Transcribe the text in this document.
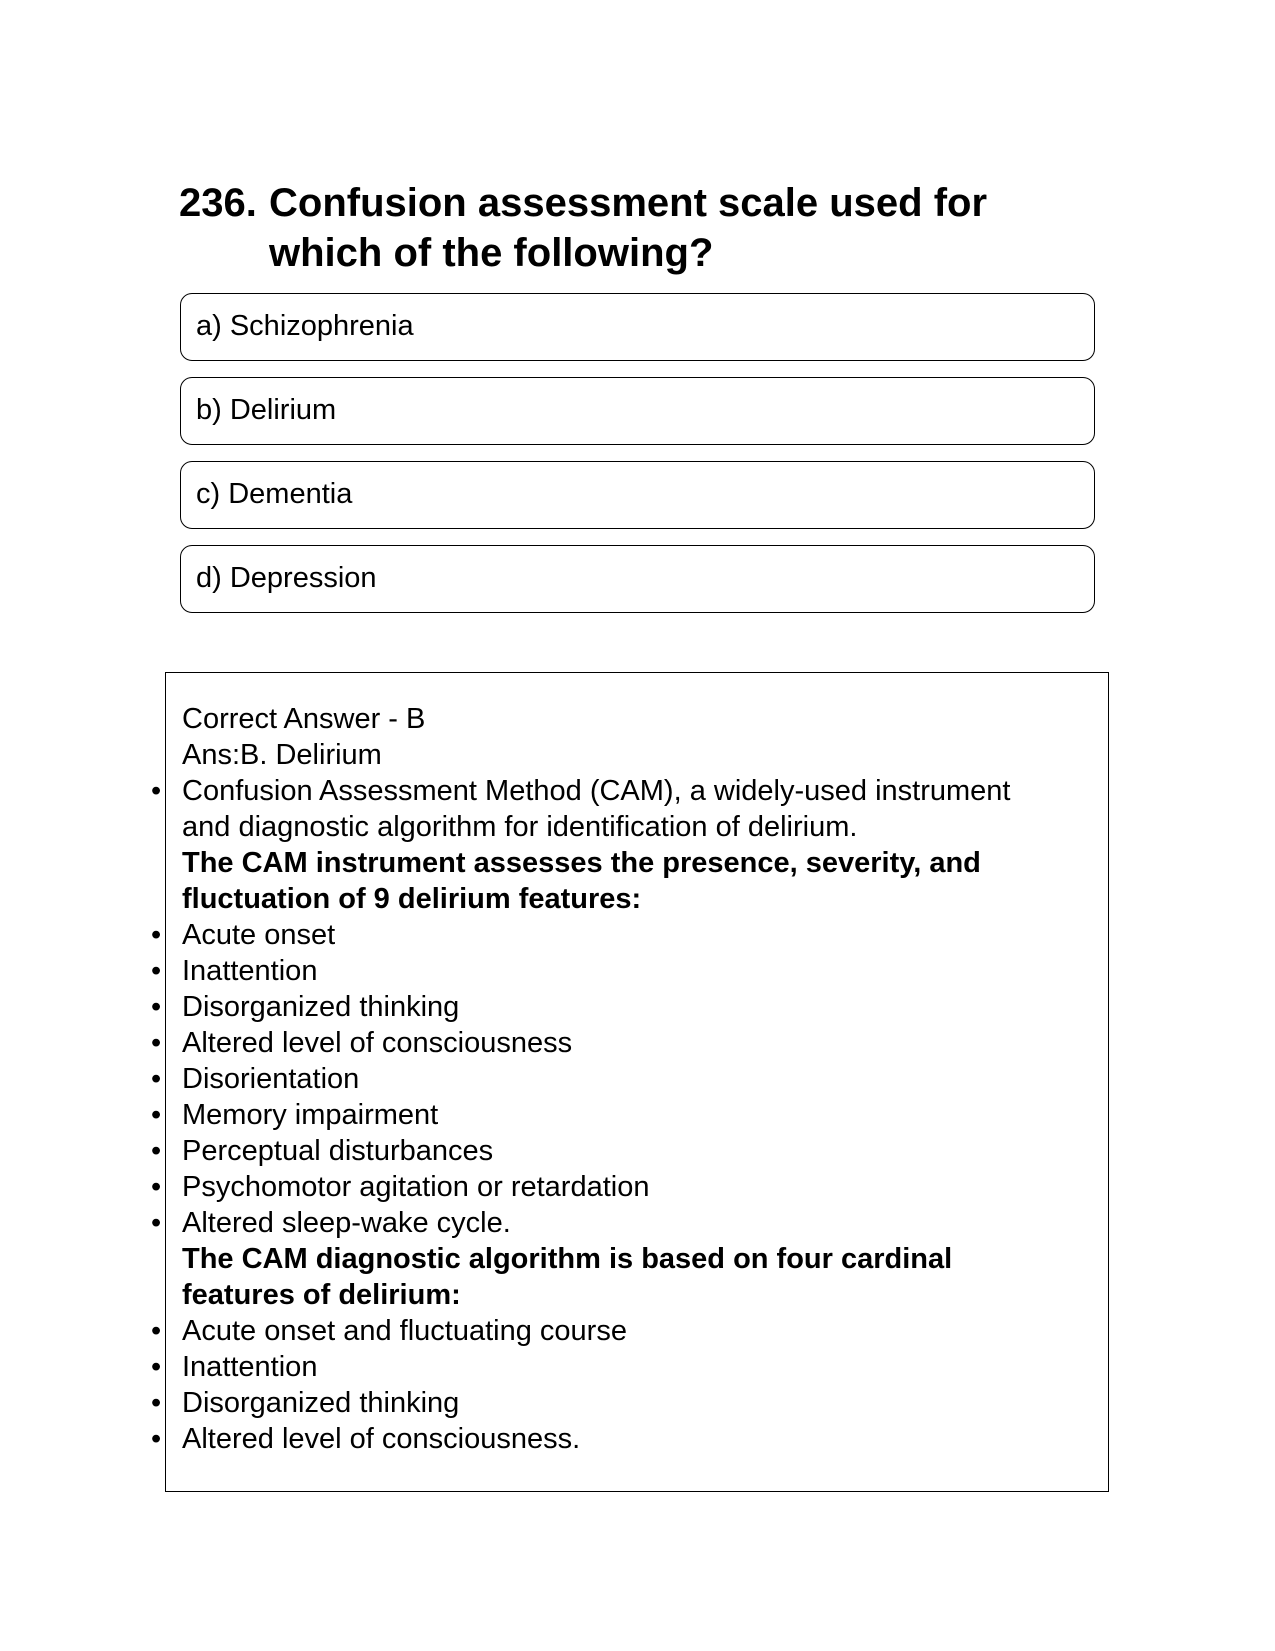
236. Confusion assessment scale used for which of the following?
a) Schizophrenia
b) Delirium
c) Dementia
d) Depression
Correct Answer - B
Ans:B. Delirium
• Confusion Assessment Method (CAM), a widely-used instrument
and diagnostic algorithm for identification of delirium.
The CAM instrument assesses the presence, severity, and
fluctuation of 9 delirium features:
• Acute onset
• Inattention
• Disorganized thinking
• Altered level of consciousness
• Disorientation
• Memory impairment
• Perceptual disturbances
• Psychomotor agitation or retardation
• Altered sleep-wake cycle.
The CAM diagnostic algorithm is based on four cardinal
features of delirium:
• Acute onset and fluctuating course
• Inattention
• Disorganized thinking
• Altered level of consciousness.
